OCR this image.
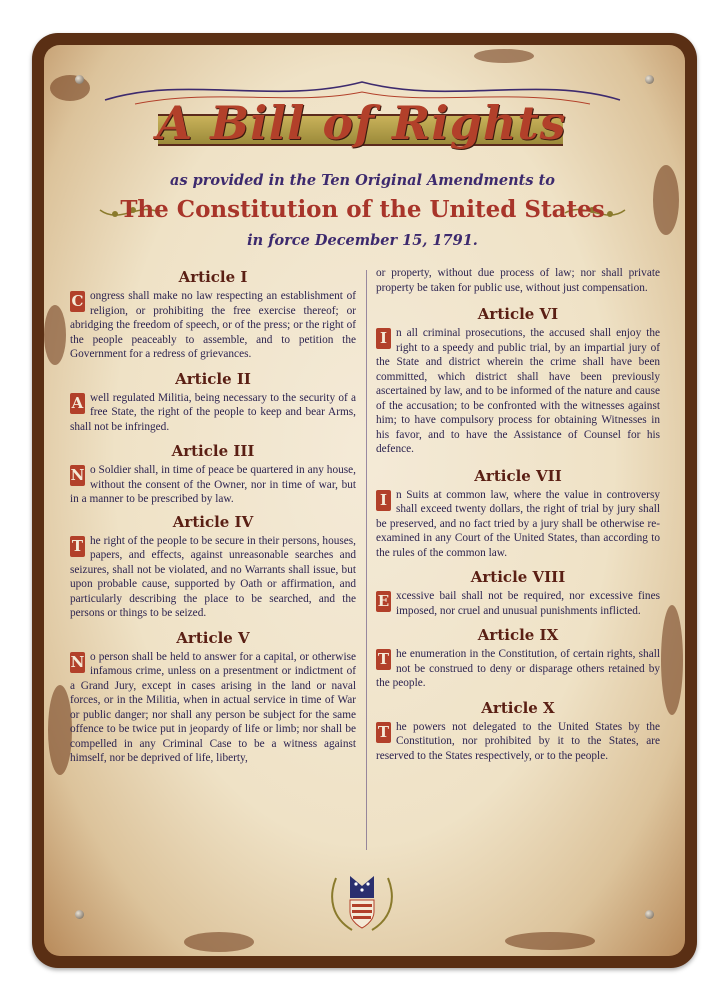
A Bill of Rights
as provided in the Ten Original Amendments to
The Constitution of the United States
in force December 15, 1791.
Article I

C ongress shall make no law respecting an establishment of religion, or prohibiting the free exercise thereof; or abridging the freedom of speech, or of the press; or the right of the people peaceably to assemble, and to petition the Government for a redress of grievances.

Article II

A well regulated Militia, being necessary to the security of a free State, the right of the people to keep and bear Arms, shall not be infringed.

Article III

N o Soldier shall, in time of peace be quartered in any house, without the consent of the Owner, nor in time of war, but in a manner to be prescribed by law.

Article IV

T he right of the people to be secure in their persons, houses, papers, and effects, against unreasonable searches and seizures, shall not be violated, and no Warrants shall issue, but upon probable cause, supported by Oath or affirmation, and particularly describing the place to be searched, and the persons or things to be seized.

Article V

N o person shall be held to answer for a capital, or otherwise infamous crime, unless on a presentment or indictment of a Grand Jury, except in cases arising in the land or naval forces, or in the Militia, when in actual service in time of War or public danger; nor shall any person be subject for the same offence to be twice put in jeopardy of life or limb; nor shall be compelled in any Criminal Case to be a witness against himself, nor be deprived of life, liberty,

or property, without due process of law; nor shall private property be taken for public use, without just compensation.

Article VI

I n all criminal prosecutions, the accused shall enjoy the right to a speedy and public trial, by an impartial jury of the State and district wherein the crime shall have been committed, which district shall have been previously ascertained by law, and to be informed of the nature and cause of the accusation; to be confronted with the witnesses against him; to have compulsory process for obtaining Witnesses in his favor, and to have the Assistance of Counsel for his defence.

Article VII

I n Suits at common law, where the value in controversy shall exceed twenty dollars, the right of trial by jury shall be preserved, and no fact tried by a jury shall be otherwise re-examined in any Court of the United States, than according to the rules of the common law.

Article VIII

E xcessive bail shall not be required, nor excessive fines imposed, nor cruel and unusual punishments inflicted.

Article IX

T he enumeration in the Constitution, of certain rights, shall not be construed to deny or disparage others retained by the people.

Article X

T he powers not delegated to the United States by the Constitution, nor prohibited by it to the States, are reserved to the States respectively, or to the people.
